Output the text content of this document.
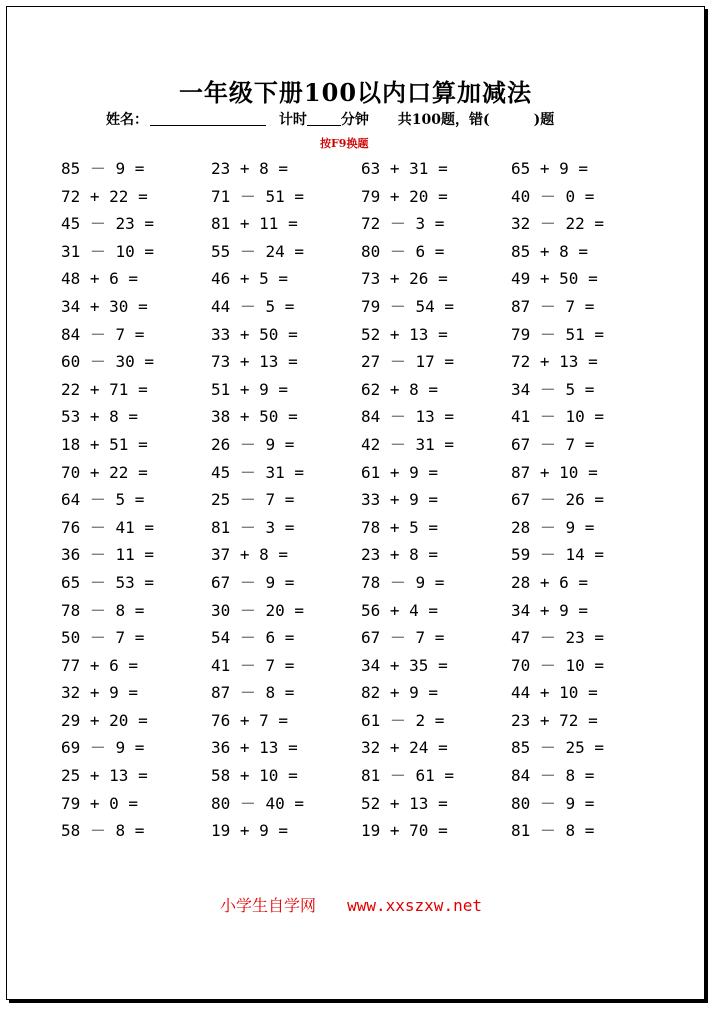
一年级下册100以内口算加减法
姓名：	计时 分钟 共100题，错(	)题
按F9换题
85 － 9 =	23 + 8 =	63 + 31 =	65 + 9 =
72 + 22 =	71 － 51 =	79 + 20 =	40 － 0 =
45 － 23 =	81 + 11 =	72 － 3 =	32 － 22 =
31 － 10 =	55 － 24 =	80 － 6 =	85 + 8 =
48 + 6 =	46 + 5 =	73 + 26 =	49 + 50 =
34 + 30 =	44 － 5 =	79 － 54 =	87 － 7 =
84 － 7 =	33 + 50 =	52 + 13 =	79 － 51 =
60 － 30 =	73 + 13 =	27 － 17 =	72 + 13 =
22 + 71 =	51 + 9 =	62 + 8 =	34 － 5 =
53 + 8 =	38 + 50 =	84 － 13 =	41 － 10 =
18 + 51 =	26 － 9 =	42 － 31 =	67 － 7 =
70 + 22 =	45 － 31 =	61 + 9 =	87 + 10 =
64 － 5 =	25 － 7 =	33 + 9 =	67 － 26 =
76 － 41 =	81 － 3 =	78 + 5 =	28 － 9 =
36 － 11 =	37 + 8 =	23 + 8 =	59 － 14 =
65 － 53 =	67 － 9 =	78 － 9 =	28 + 6 =
78 － 8 =	30 － 20 =	56 + 4 =	34 + 9 =
50 － 7 =	54 － 6 =	67 － 7 =	47 － 23 =
77 + 6 =	41 － 7 =	34 + 35 =	70 － 10 =
32 + 9 =	87 － 8 =	82 + 9 =	44 + 10 =
29 + 20 =	76 + 7 =	61 － 2 =	23 + 72 =
69 － 9 =	36 + 13 =	32 + 24 =	85 － 25 =
25 + 13 =	58 + 10 =	81 － 61 =	84 － 8 =
79 + 0 =	80 － 40 =	52 + 13 =	80 － 9 =
58 － 8 =	19 + 9 =	19 + 70 =	81 － 8 =
小学生自学网 www.xxszxw.net
